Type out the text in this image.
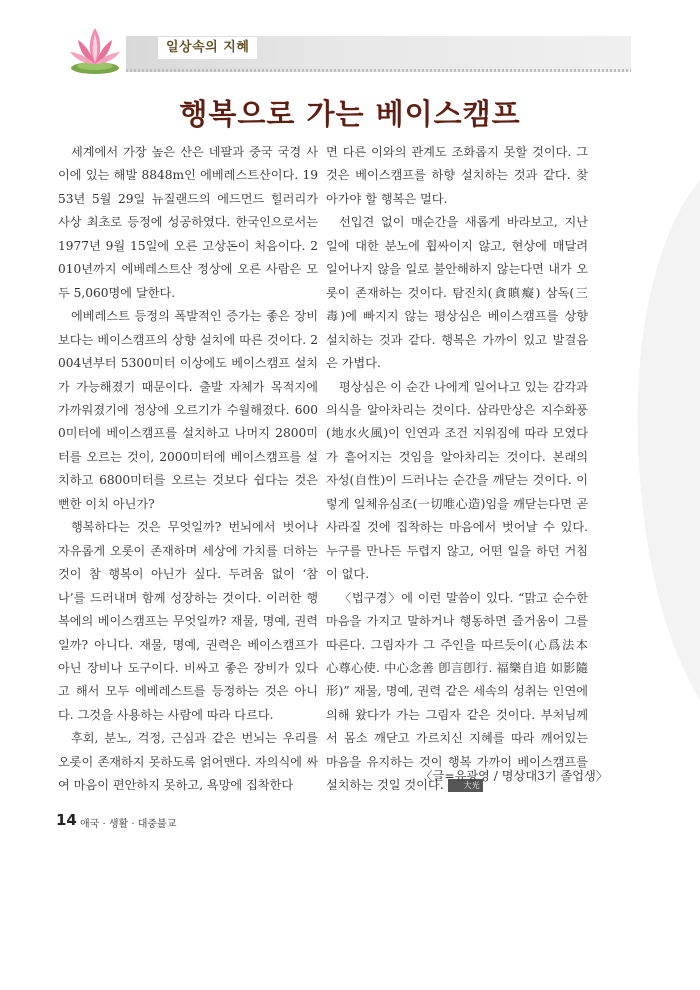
일상속의 지혜
행복으로 가는 베이스캠프

세계에서 가장 높은 산은 네팔과 중국 국경 사이에 있는 해발 8848m인 에베레스트산이다. 1953년 5월 29일 뉴질랜드의 에드먼드 힐러리가 사상 최초로 등정에 성공하였다. 한국인으로서는 1977년 9월 15일에 오른 고상돈이 처음이다. 2010년까지 에베레스트산 정상에 오른 사람은 모두 5,060명에 달한다.

에베레스트 등정의 폭발적인 증가는 좋은 장비보다는 베이스캠프의 상향 설치에 따른 것이다. 2004년부터 5300미터 이상에도 베이스캠프 설치가 가능해졌기 때문이다. 출발 자체가 목적지에 가까워졌기에 정상에 오르기가 수월해졌다. 6000미터에 베이스캠프를 설치하고 나머지 2800미터를 오르는 것이, 2000미터에 베이스캠프를 설치하고 6800미터를 오르는 것보다 쉽다는 것은 뻔한 이치 아닌가?

행복하다는 것은 무엇일까? 번뇌에서 벗어나 자유롭게 오롯이 존재하며 세상에 가치를 더하는 것이 참 행복이 아닌가 싶다. 두려움 없이 ‘참 나’를 드러내며 함께 성장하는 것이다. 이러한 행복에의 베이스캠프는 무엇일까? 재물, 명예, 권력일까? 아니다. 재물, 명예, 권력은 베이스캠프가 아닌 장비나 도구이다. 비싸고 좋은 장비가 있다고 해서 모두 에베레스트를 등정하는 것은 아니다. 그것을 사용하는 사람에 따라 다르다.

후회, 분노, 걱정, 근심과 같은 번뇌는 우리를 오롯이 존재하지 못하도록 얽어맨다. 자의식에 싸여 마음이 편안하지 못하고, 욕망에 집착한다

면 다른 이와의 관계도 조화롭지 못할 것이다. 그것은 베이스캠프를 하향 설치하는 것과 같다. 찾아가야 할 행복은 멀다.

선입견 없이 매순간을 새롭게 바라보고, 지난 일에 대한 분노에 휩싸이지 않고, 현상에 매달려 일어나지 않을 일로 불안해하지 않는다면 내가 오롯이 존재하는 것이다. 탐진치(貪瞋癡) 삼독(三毒)에 빠지지 않는 평상심은 베이스캠프를 상향 설치하는 것과 같다. 행복은 가까이 있고 발걸음은 가볍다.

평상심은 이 순간 나에게 일어나고 있는 감각과 의식을 알아차리는 것이다. 삼라만상은 지수화풍(地水火風)이 인연과 조건 지워짐에 따라 모였다가 흩어지는 것임을 알아차리는 것이다. 본래의 자성(自性)이 드러나는 순간을 깨닫는 것이다. 이렇게 일체유심조(一切唯心造)임을 깨닫는다면 곧 사라질 것에 집착하는 마음에서 벗어날 수 있다. 누구를 만나든 두렵지 않고, 어떤 일을 하던 거침이 없다.

〈법구경〉에 이런 말씀이 있다. “맑고 순수한 마음을 가지고 말하거나 행동하면 즐거움이 그를 따른다. 그림자가 그 주인을 따르듯이(心爲法本 心尊心使. 中心念善 卽言卽行. 福樂自追 如影隨形)” 재물, 명예, 권력 같은 세속의 성취는 인연에 의해 왔다가 가는 그림자 같은 것이다. 부처님께서 몸소 깨닫고 가르치신 지혜를 따라 깨어있는 마음을 유지하는 것이 행복 가까이 베이스캠프를 설치하는 것일 것이다.	大光

〈글=유광영 / 명상대3기 졸업생〉
14 애국 · 생활 · 대중불교
